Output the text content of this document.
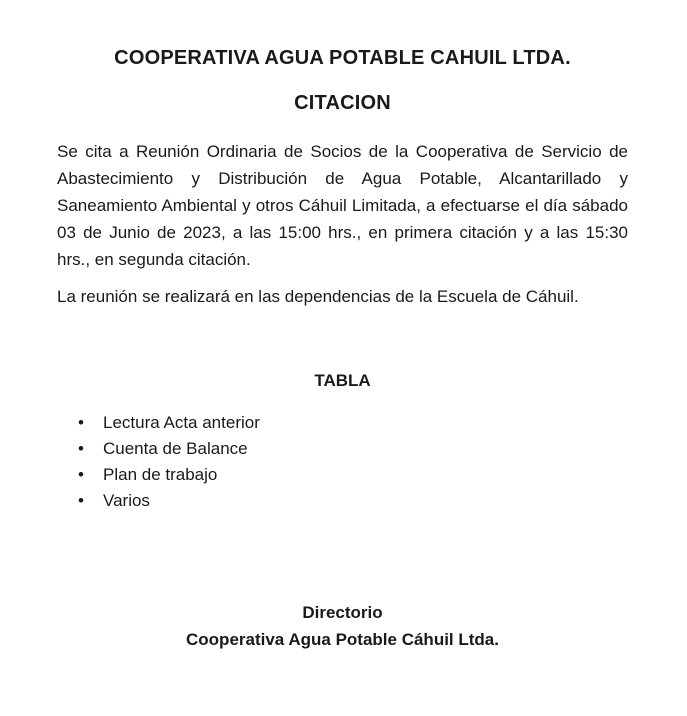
COOPERATIVA AGUA POTABLE CAHUIL LTDA.
CITACION

Se cita a Reunión Ordinaria de Socios de la Cooperativa de Servicio de Abastecimiento y Distribución de Agua Potable, Alcantarillado y Saneamiento Ambiental y otros Cáhuil Limitada, a efectuarse el día sábado 03 de Junio de 2023, a las 15:00 hrs., en primera citación y a las 15:30 hrs., en segunda citación.

La reunión se realizará en las dependencias de la Escuela de Cáhuil.

TABLA
• Lectura Acta anterior
• Cuenta de Balance
• Plan de trabajo
• Varios
Directorio
Cooperativa Agua Potable Cáhuil Ltda.
